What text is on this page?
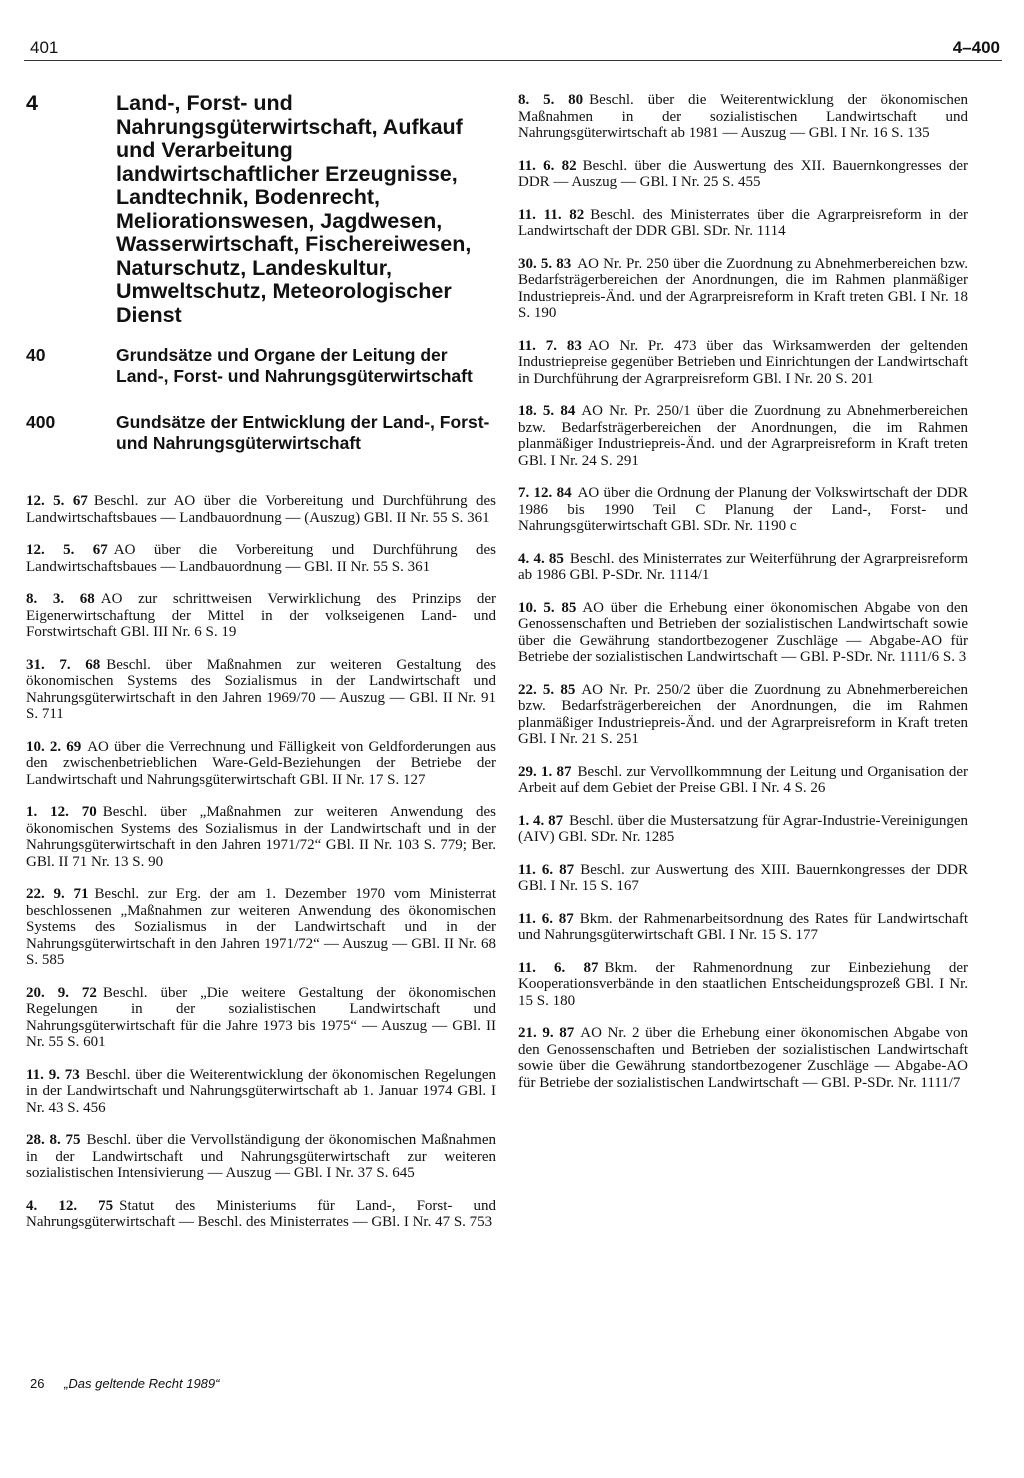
401	4–400
4	Land-, Forst- und Nahrungsgüterwirtschaft, Aufkauf und Verarbeitung landwirtschaftlicher Erzeugnisse, Landtechnik, Bodenrecht, Meliorationswesen, Jagdwesen, Wasserwirtschaft, Fischereiwesen, Naturschutz, Landeskultur, Umweltschutz, Meteorologischer Dienst
40	Grundsätze und Organe der Leitung der Land-, Forst- und Nahrungsgüterwirtschaft
400	Gundsätze der Entwicklung der Land-, Forst- und Nahrungsgüterwirtschaft
12. 5. 67 Beschl. zur AO über die Vorbereitung und Durchführung des Landwirtschaftsbaues — Landbauordnung — (Auszug) GBl. II Nr. 55 S. 361
12. 5. 67 AO über die Vorbereitung und Durchführung des Landwirtschaftsbaues — Landbauordnung — GBl. II Nr. 55 S. 361
8. 3. 68 AO zur schrittweisen Verwirklichung des Prinzips der Eigenerwirtschaftung der Mittel in der volkseigenen Land- und Forstwirtschaft GBl. III Nr. 6 S. 19
31. 7. 68 Beschl. über Maßnahmen zur weiteren Gestaltung des ökonomischen Systems des Sozialismus in der Landwirtschaft und Nahrungsgüterwirtschaft in den Jahren 1969/70 — Auszug — GBl. II Nr. 91 S. 711
10. 2. 69 AO über die Verrechnung und Fälligkeit von Geldforderungen aus den zwischenbetrieblichen Ware-Geld-Beziehungen der Betriebe der Landwirtschaft und Nahrungsgüterwirtschaft GBl. II Nr. 17 S. 127
1. 12. 70 Beschl. über „Maßnahmen zur weiteren Anwendung des ökonomischen Systems des Sozialismus in der Landwirtschaft und in der Nahrungsgüterwirtschaft in den Jahren 1971/72“ GBl. II Nr. 103 S. 779; Ber. GBl. II 71 Nr. 13 S. 90
22. 9. 71 Beschl. zur Erg. der am 1. Dezember 1970 vom Ministerrat beschlossenen „Maßnahmen zur weiteren Anwendung des ökonomischen Systems des Sozialismus in der Landwirtschaft und in der Nahrungsgüterwirtschaft in den Jahren 1971/72“ — Auszug — GBl. II Nr. 68 S. 585
20. 9. 72 Beschl. über „Die weitere Gestaltung der ökonomischen Regelungen in der sozialistischen Landwirtschaft und Nahrungsgüterwirtschaft für die Jahre 1973 bis 1975“ — Auszug — GBl. II Nr. 55 S. 601
11. 9. 73 Beschl. über die Weiterentwicklung der ökonomischen Regelungen in der Landwirtschaft und Nahrungsgüterwirtschaft ab 1. Januar 1974 GBl. I Nr. 43 S. 456
28. 8. 75 Beschl. über die Vervollständigung der ökonomischen Maßnahmen in der Landwirtschaft und Nahrungsgüterwirtschaft zur weiteren sozialistischen Intensivierung — Auszug — GBl. I Nr. 37 S. 645
4. 12. 75 Statut des Ministeriums für Land-, Forst- und Nahrungsgüterwirtschaft — Beschl. des Ministerrates — GBl. I Nr. 47 S. 753
8. 5. 80 Beschl. über die Weiterentwicklung der ökonomischen Maßnahmen in der sozialistischen Landwirtschaft und Nahrungsgüterwirtschaft ab 1981 — Auszug — GBl. I Nr. 16 S. 135
11. 6. 82 Beschl. über die Auswertung des XII. Bauernkongresses der DDR — Auszug — GBl. I Nr. 25 S. 455
11. 11. 82 Beschl. des Ministerrates über die Agrarpreisreform in der Landwirtschaft der DDR GBl. SDr. Nr. 1114
30. 5. 83 AO Nr. Pr. 250 über die Zuordnung zu Abnehmerbereichen bzw. Bedarfsträgerbereichen der Anordnungen, die im Rahmen planmäßiger Industriepreis-Änd. und der Agrarpreisreform in Kraft treten GBl. I Nr. 18 S. 190
11. 7. 83 AO Nr. Pr. 473 über das Wirksamwerden der geltenden Industriepreise gegenüber Betrieben und Einrichtungen der Landwirtschaft in Durchführung der Agrarpreisreform GBl. I Nr. 20 S. 201
18. 5. 84 AO Nr. Pr. 250/1 über die Zuordnung zu Abnehmerbereichen bzw. Bedarfsträgerbereichen der Anordnungen, die im Rahmen planmäßiger Industriepreis-Änd. und der Agrarpreisreform in Kraft treten GBl. I Nr. 24 S. 291
7. 12. 84 AO über die Ordnung der Planung der Volkswirtschaft der DDR 1986 bis 1990 Teil C Planung der Land-, Forst- und Nahrungsgüterwirtschaft GBl. SDr. Nr. 1190 c
4. 4. 85 Beschl. des Ministerrates zur Weiterführung der Agrarpreisreform ab 1986 GBl. P-SDr. Nr. 1114/1
10. 5. 85 AO über die Erhebung einer ökonomischen Abgabe von den Genossenschaften und Betrieben der sozialistischen Landwirtschaft sowie über die Gewährung standortbezogener Zuschläge — Abgabe-AO für Betriebe der sozialistischen Landwirtschaft — GBl. P-SDr. Nr. 1111/6 S. 3
22. 5. 85 AO Nr. Pr. 250/2 über die Zuordnung zu Abnehmerbereichen bzw. Bedarfsträgerbereichen der Anordnungen, die im Rahmen planmäßiger Industriepreis-Änd. und der Agrarpreisreform in Kraft treten GBl. I Nr. 21 S. 251
29. 1. 87 Beschl. zur Vervollkommnung der Leitung und Organisation der Arbeit auf dem Gebiet der Preise GBl. I Nr. 4 S. 26
1. 4. 87 Beschl. über die Mustersatzung für Agrar-Industrie-Vereinigungen (AIV) GBl. SDr. Nr. 1285
11. 6. 87 Beschl. zur Auswertung des XIII. Bauernkongresses der DDR GBl. I Nr. 15 S. 167
11. 6. 87 Bkm. der Rahmenarbeitsordnung des Rates für Landwirtschaft und Nahrungsgüterwirtschaft GBl. I Nr. 15 S. 177
11. 6. 87 Bkm. der Rahmenordnung zur Einbeziehung der Kooperationsverbände in den staatlichen Entscheidungsprozeß GBl. I Nr. 15 S. 180
21. 9. 87 AO Nr. 2 über die Erhebung einer ökonomischen Abgabe von den Genossenschaften und Betrieben der sozialistischen Landwirtschaft sowie über die Gewährung standortbezogener Zuschläge — Abgabe-AO für Betriebe der sozialistischen Landwirtschaft — GBl. P-SDr. Nr. 1111/7
26 „Das geltende Recht 1989“
